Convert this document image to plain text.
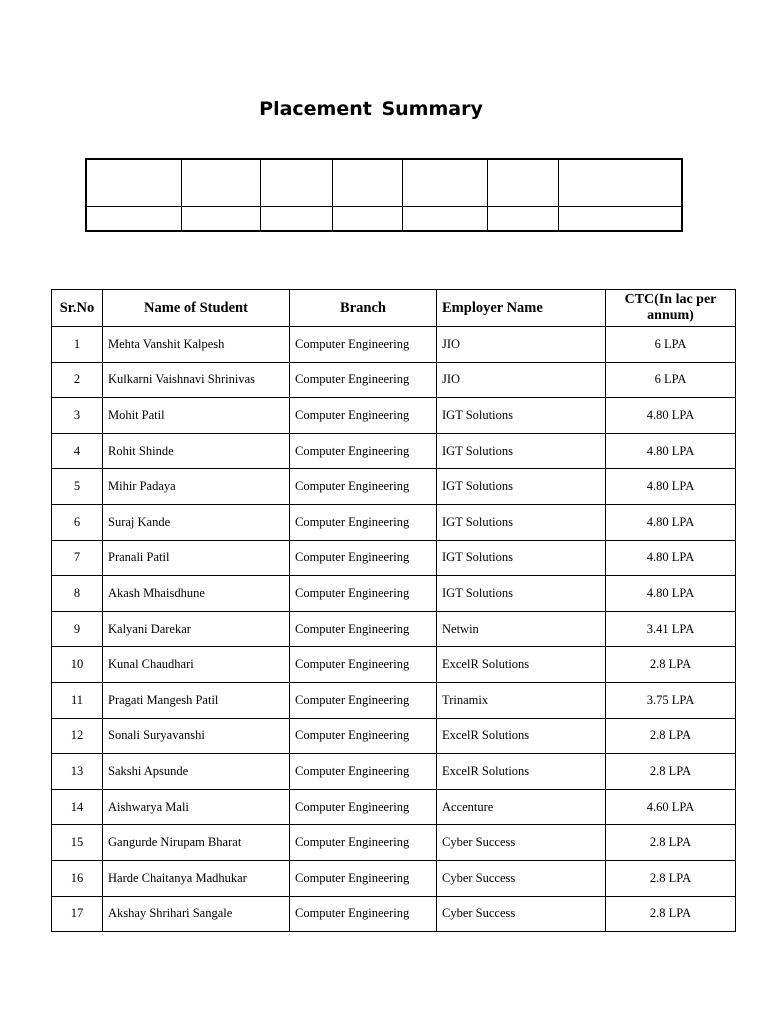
Placement Summary

Sr.No	Name of Student	Branch	Employer Name	CTC(In lac per annum)
1	Mehta Vanshit Kalpesh	Computer Engineering	JIO	6 LPA
2	Kulkarni Vaishnavi Shrinivas	Computer Engineering	JIO	6 LPA
3	Mohit Patil	Computer Engineering	IGT Solutions	4.80 LPA
4	Rohit Shinde	Computer Engineering	IGT Solutions	4.80 LPA
5	Mihir Padaya	Computer Engineering	IGT Solutions	4.80 LPA
6	Suraj Kande	Computer Engineering	IGT Solutions	4.80 LPA
7	Pranali Patil	Computer Engineering	IGT Solutions	4.80 LPA
8	Akash Mhaisdhune	Computer Engineering	IGT Solutions	4.80 LPA
9	Kalyani Darekar	Computer Engineering	Netwin	3.41 LPA
10	Kunal Chaudhari	Computer Engineering	ExcelR Solutions	2.8 LPA
11	Pragati Mangesh Patil	Computer Engineering	Trinamix	3.75 LPA
12	Sonali Suryavanshi	Computer Engineering	ExcelR Solutions	2.8 LPA
13	Sakshi Apsunde	Computer Engineering	ExcelR Solutions	2.8 LPA
14	Aishwarya Mali	Computer Engineering	Accenture	4.60 LPA
15	Gangurde Nirupam Bharat	Computer Engineering	Cyber Success	2.8 LPA
16	Harde Chaitanya Madhukar	Computer Engineering	Cyber Success	2.8 LPA
17	Akshay Shrihari Sangale	Computer Engineering	Cyber Success	2.8 LPA
